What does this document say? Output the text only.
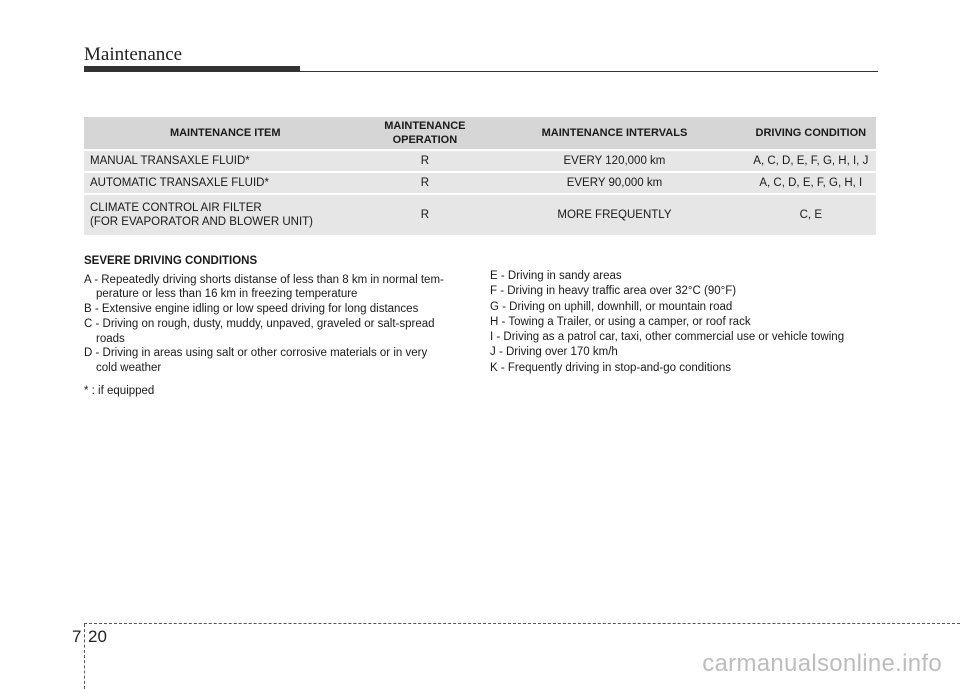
Maintenance
MAINTENANCE ITEM	MAINTENANCE OPERATION	MAINTENANCE INTERVALS	DRIVING CONDITION
MANUAL TRANSAXLE FLUID*	R	EVERY 120,000 km	A, C, D, E, F, G, H, I, J
AUTOMATIC TRANSAXLE FLUID*	R	EVERY 90,000 km	A, C, D, E, F, G, H, I

CLIMATE CONTROL AIR FILTER
(FOR EVAPORATOR AND BLOWER UNIT)	R	MORE FREQUENTLY	C, E
SEVERE DRIVING CONDITIONS
A - Repeatedly driving shorts distanse of less than 8 km in normal tem-
perature or less than 16 km in freezing temperature
B - Extensive engine idling or low speed driving for long distances
C - Driving on rough, dusty, muddy, unpaved, graveled or salt-spread
roads
D - Driving in areas using salt or other corrosive materials or in very
cold weather
* : if equipped
E - Driving in sandy areas
F - Driving in heavy traffic area over 32°C (90°F)
G - Driving on uphill, downhill, or mountain road
H - Towing a Trailer, or using a camper, or roof rack
I - Driving as a patrol car, taxi, other commercial use or vehicle towing
J - Driving over 170 km/h
K - Frequently driving in stop-and-go conditions
7 20
carmanualsonline.info
